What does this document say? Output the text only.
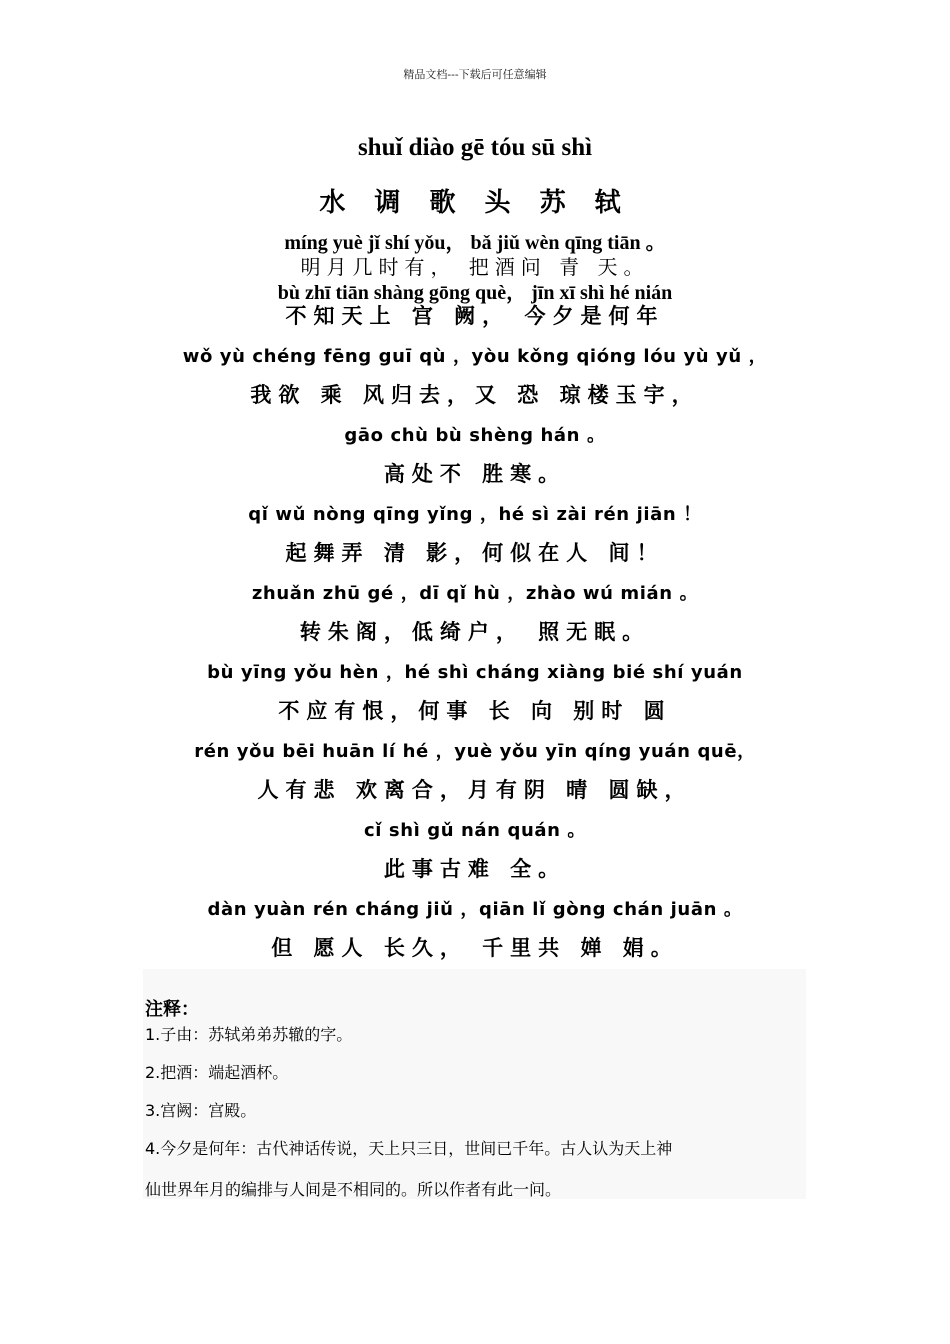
精品文档---下载后可任意编辑
shuǐ diào gē tóu sū shì
水 调 歌 头 苏 轼
míng yuè jǐ shí yǒu， bǎ jiǔ wèn qīng tiān 。
明月几时有， 把酒问 青 天。
bù zhī tiān shàng gōng què， jīn xī shì hé nián
不知天上 宫 阙， 今夕是何年
wǒ yù chéng fēng guī qù ，yòu kǒng qióng lóu yù yǔ ，
我欲 乘 风归去，又 恐 琼楼玉宇，
gāo chù bù shèng hán 。
高处不 胜寒。
qǐ wǔ nòng qīng yǐng ，hé sì zài rén jiān ！
起舞弄 清 影，何似在人 间！
zhuǎn zhū gé ，dī qǐ hù ，zhào wú mián 。
转朱阁，低绮户， 照无眠。
bù yīng yǒu hèn ，hé shì cháng xiàng bié shí yuán
不应有恨，何事 长 向 别时 圆
rén yǒu bēi huān lí hé ，yuè yǒu yīn qíng yuán quē，
人有悲 欢离合，月有阴 晴 圆缺，
cǐ shì gǔ nán quán 。
此事古难 全。
dàn yuàn rén cháng jiǔ ，qiān lǐ gòng chán juān 。
但 愿人 长久， 千里共 婵 娟。
注释：
1.子由：苏轼弟弟苏辙的字。
2.把酒：端起酒杯。
3.宫阙：宫殿。
4.今夕是何年：古代神话传说，天上只三日，世间已千年。古人认为天上神
仙世界年月的编排与人间是不相同的。所以作者有此一问。
